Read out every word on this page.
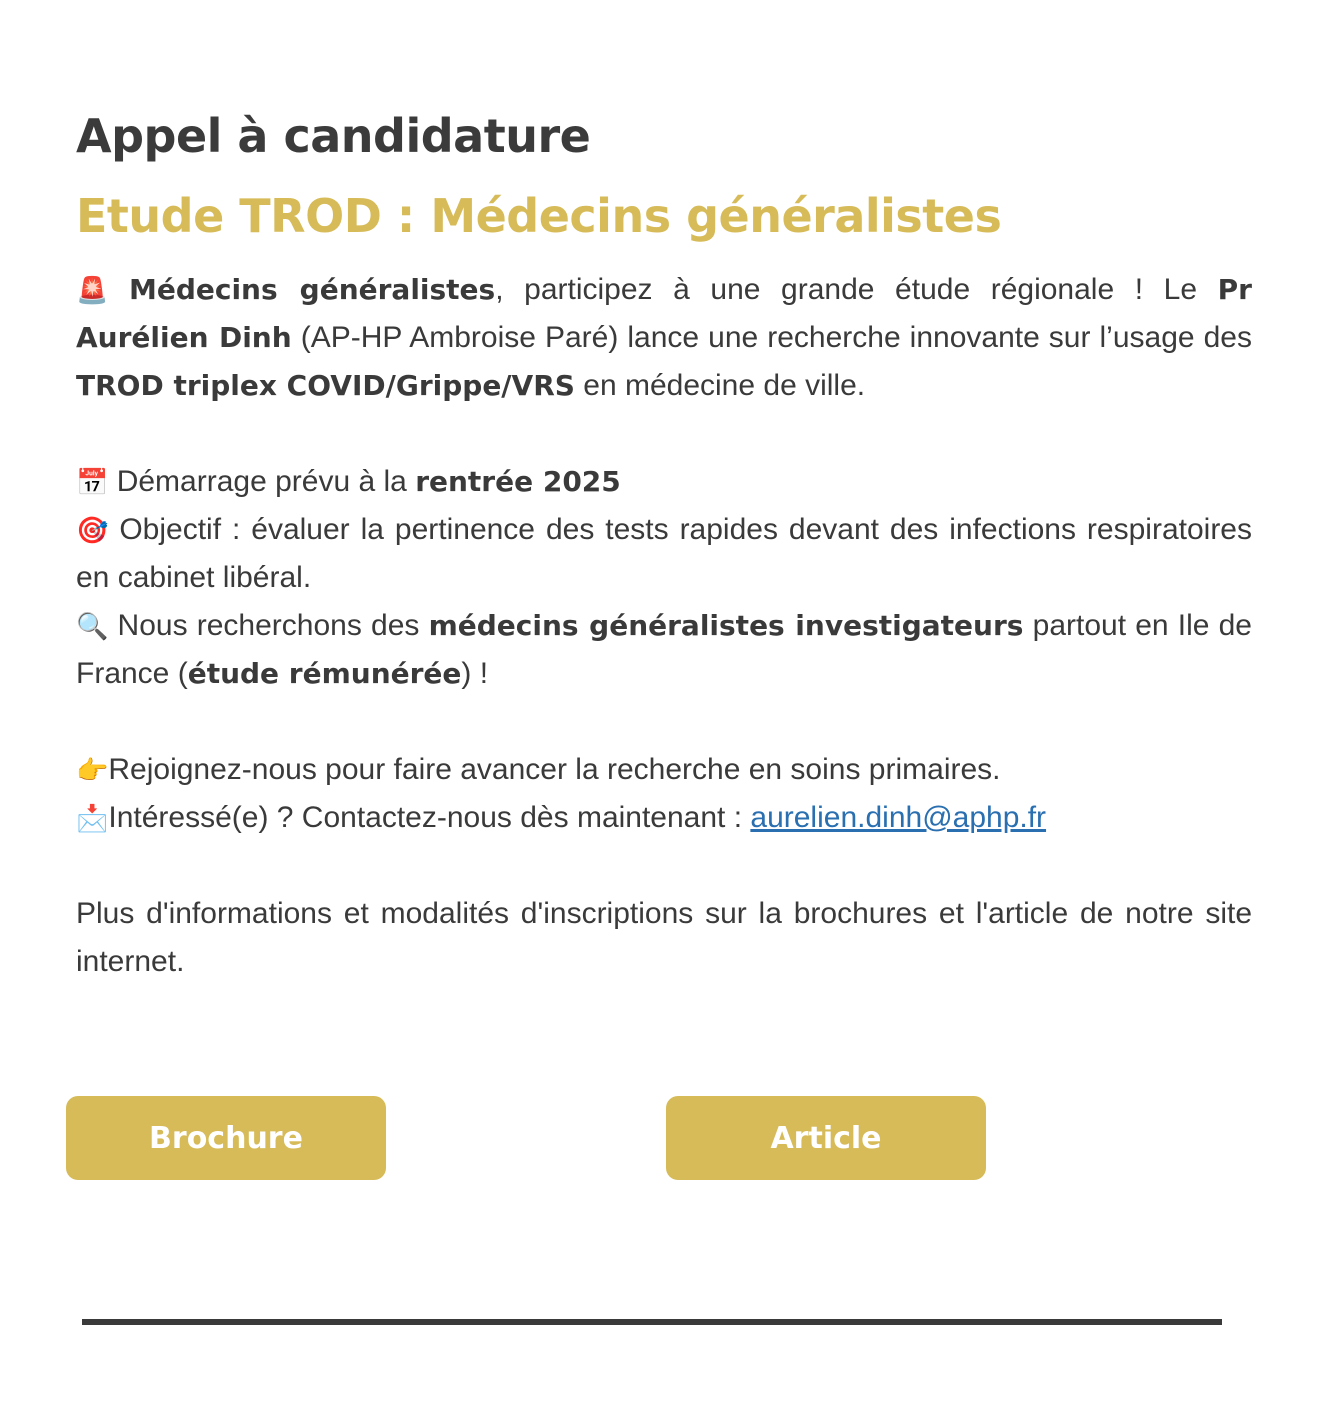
Appel à candidature
Etude TROD : Médecins généralistes

🚨 Médecins généralistes, participez à une grande étude régionale ! Le Pr Aurélien Dinh (AP-HP Ambroise Paré) lance une recherche innovante sur l’usage des TROD triplex COVID/Grippe/VRS en médecine de ville.

📅 Démarrage prévu à la rentrée 2025

🎯 Objectif : évaluer la pertinence des tests rapides devant des infections respiratoires en cabinet libéral.

🔍 Nous recherchons des médecins généralistes investigateurs partout en Ile de France (étude rémunérée) !

👉Rejoignez-nous pour faire avancer la recherche en soins primaires.

📩Intéressé(e) ? Contactez-nous dès maintenant : aurelien.dinh@aphp.fr

Plus d'informations et modalités d'inscriptions sur la brochures et l'article de notre site internet.

Brochure	Article
